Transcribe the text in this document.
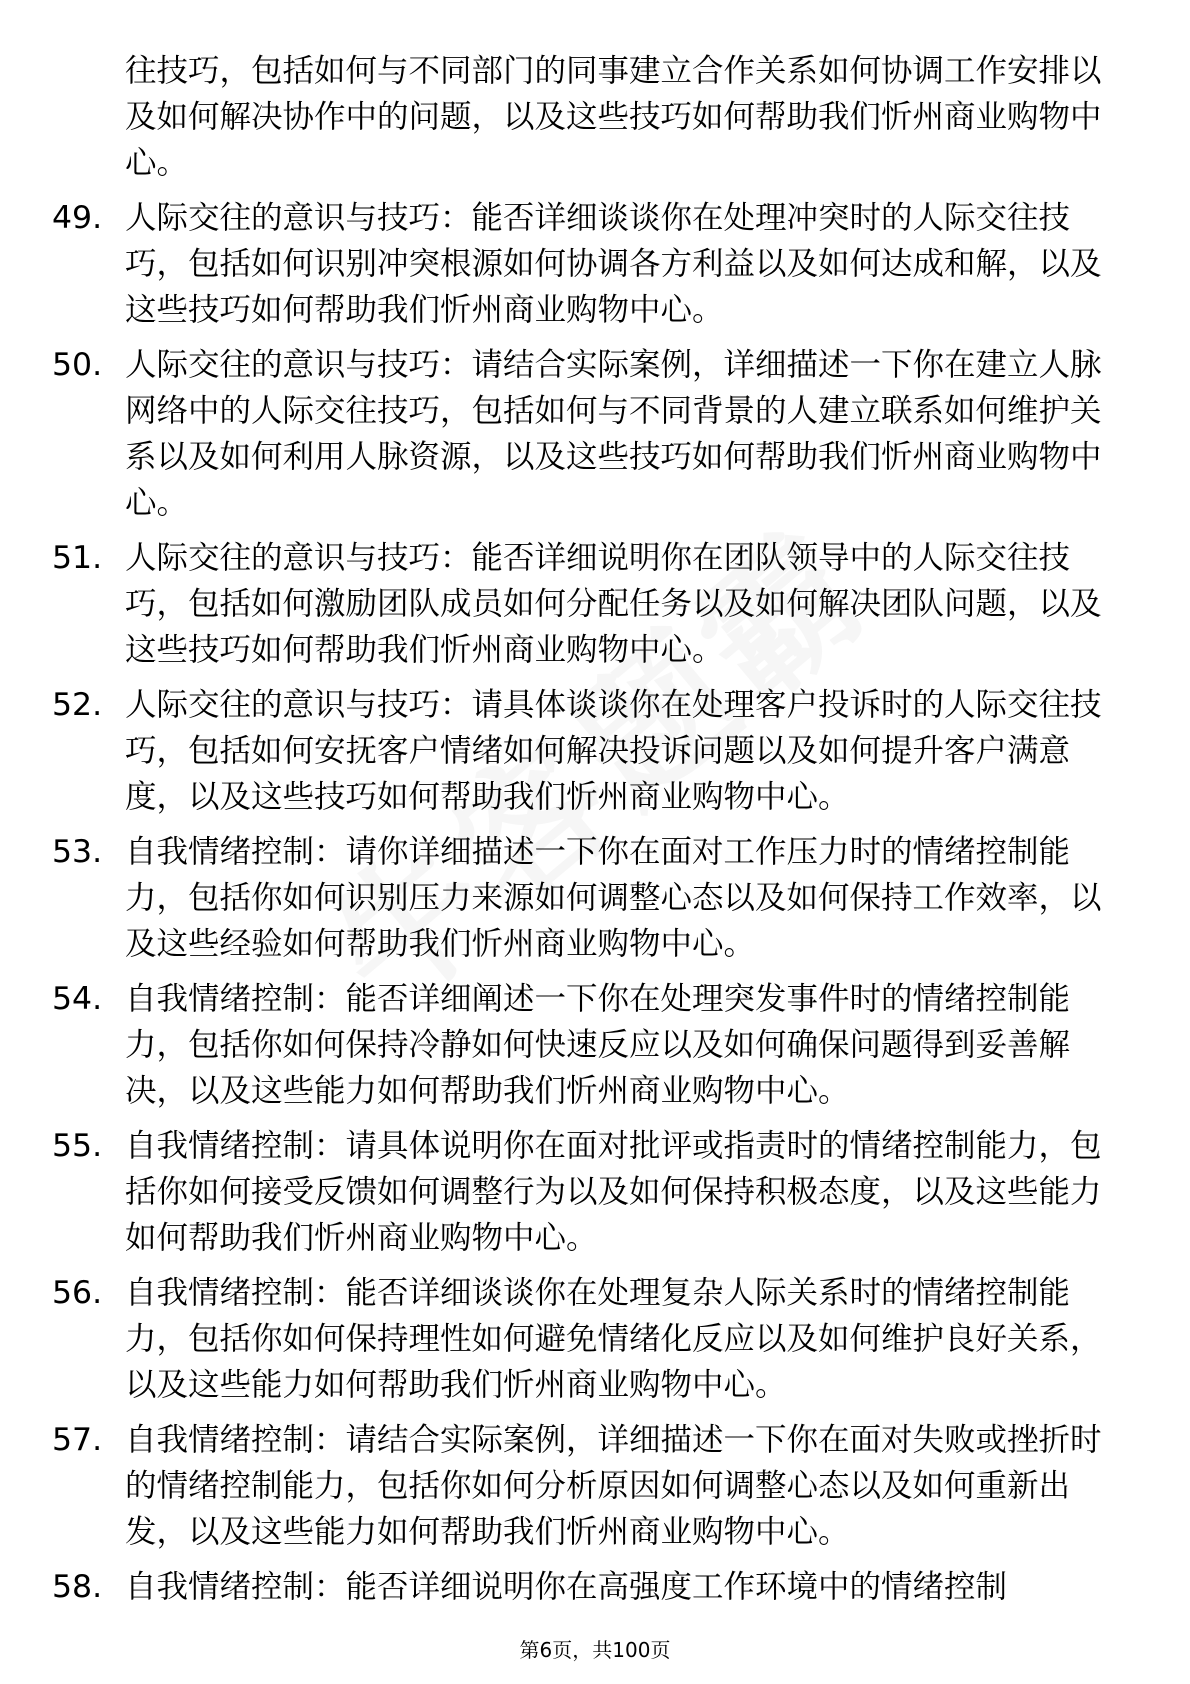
往技巧，包括如何与不同部门的同事建立合作关系如何协调工作安排以及如何解决协作中的问题，以及这些技巧如何帮助我们忻州商业购物中心。
49. 人际交往的意识与技巧：能否详细谈谈你在处理冲突时的人际交往技巧，包括如何识别冲突根源如何协调各方利益以及如何达成和解，以及这些技巧如何帮助我们忻州商业购物中心。
50. 人际交往的意识与技巧：请结合实际案例，详细描述一下你在建立人脉网络中的人际交往技巧，包括如何与不同背景的人建立联系如何维护关系以及如何利用人脉资源，以及这些技巧如何帮助我们忻州商业购物中心。
51. 人际交往的意识与技巧：能否详细说明你在团队领导中的人际交往技巧，包括如何激励团队成员如何分配任务以及如何解决团队问题，以及这些技巧如何帮助我们忻州商业购物中心。
52. 人际交往的意识与技巧：请具体谈谈你在处理客户投诉时的人际交往技巧，包括如何安抚客户情绪如何解决投诉问题以及如何提升客户满意度，以及这些技巧如何帮助我们忻州商业购物中心。
53. 自我情绪控制：请你详细描述一下你在面对工作压力时的情绪控制能力，包括你如何识别压力来源如何调整心态以及如何保持工作效率，以及这些经验如何帮助我们忻州商业购物中心。
54. 自我情绪控制：能否详细阐述一下你在处理突发事件时的情绪控制能力，包括你如何保持冷静如何快速反应以及如何确保问题得到妥善解决，以及这些能力如何帮助我们忻州商业购物中心。
55. 自我情绪控制：请具体说明你在面对批评或指责时的情绪控制能力，包括你如何接受反馈如何调整行为以及如何保持积极态度，以及这些能力如何帮助我们忻州商业购物中心。
56. 自我情绪控制：能否详细谈谈你在处理复杂人际关系时的情绪控制能力，包括你如何保持理性如何避免情绪化反应以及如何维护良好关系，以及这些能力如何帮助我们忻州商业购物中心。
57. 自我情绪控制：请结合实际案例，详细描述一下你在面对失败或挫折时的情绪控制能力，包括你如何分析原因如何调整心态以及如何重新出发，以及这些能力如何帮助我们忻州商业购物中心。
58. 自我情绪控制：能否详细说明你在高强度工作环境中的情绪控制
第6页，共100页
